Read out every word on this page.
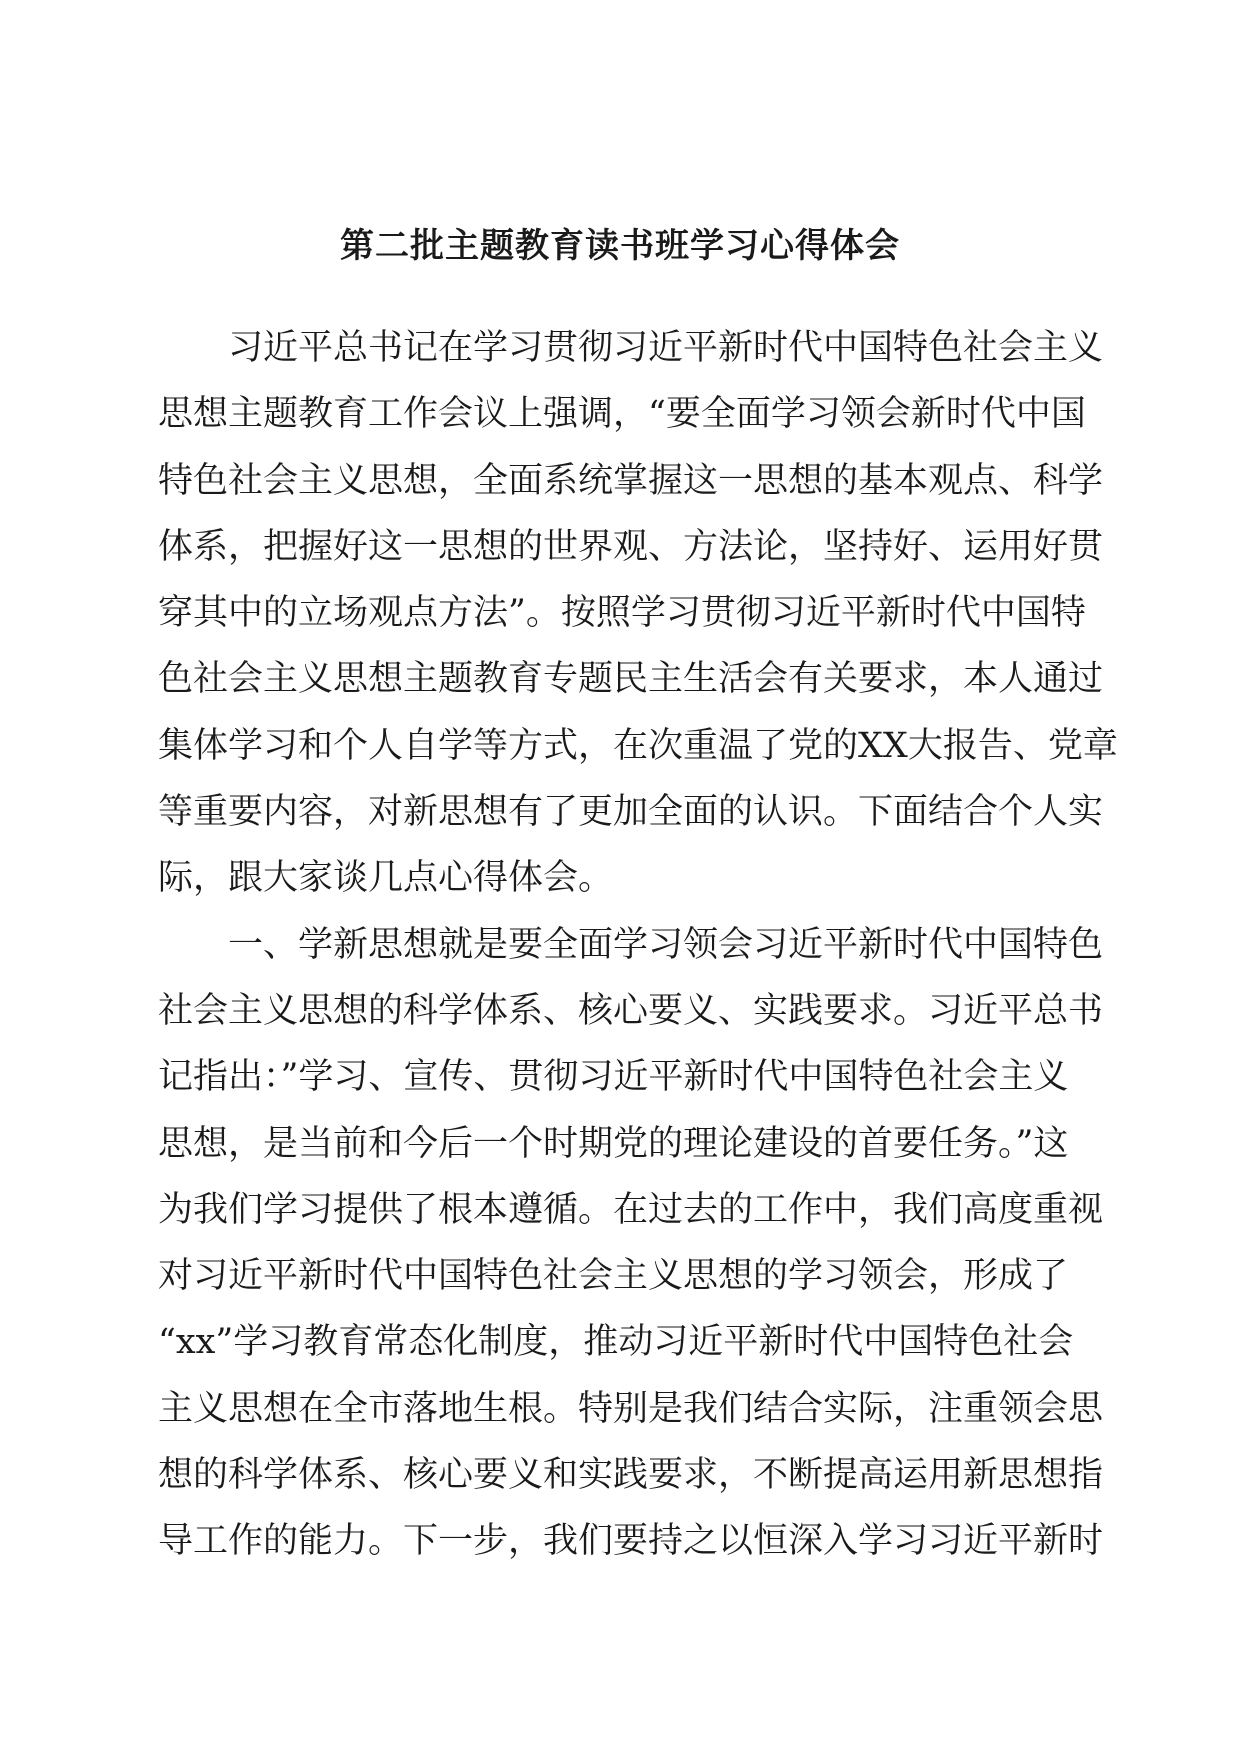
第二批主题教育读书班学习心得体会
习近平总书记在学习贯彻习近平新时代中国特色社会主义
思想主题教育工作会议上强调，“要全面学习领会新时代中国
特色社会主义思想，全面系统掌握这一思想的基本观点、科学
体系，把握好这一思想的世界观、方法论，坚持好、运用好贯
穿其中的立场观点方法”。按照学习贯彻习近平新时代中国特
色社会主义思想主题教育专题民主生活会有关要求，本人通过
集体学习和个人自学等方式，在次重温了党的XX大报告、党章
等重要内容，对新思想有了更加全面的认识。下面结合个人实
际，跟大家谈几点心得体会。
一、学新思想就是要全面学习领会习近平新时代中国特色
社会主义思想的科学体系、核心要义、实践要求。习近平总书
记指出：”学习、宣传、贯彻习近平新时代中国特色社会主义
思想，是当前和今后一个时期党的理论建设的首要任务。”这
为我们学习提供了根本遵循。在过去的工作中，我们高度重视
对习近平新时代中国特色社会主义思想的学习领会，形成了
“xx”学习教育常态化制度，推动习近平新时代中国特色社会
主义思想在全市落地生根。特别是我们结合实际，注重领会思
想的科学体系、核心要义和实践要求，不断提高运用新思想指
导工作的能力。下一步，我们要持之以恒深入学习习近平新时
